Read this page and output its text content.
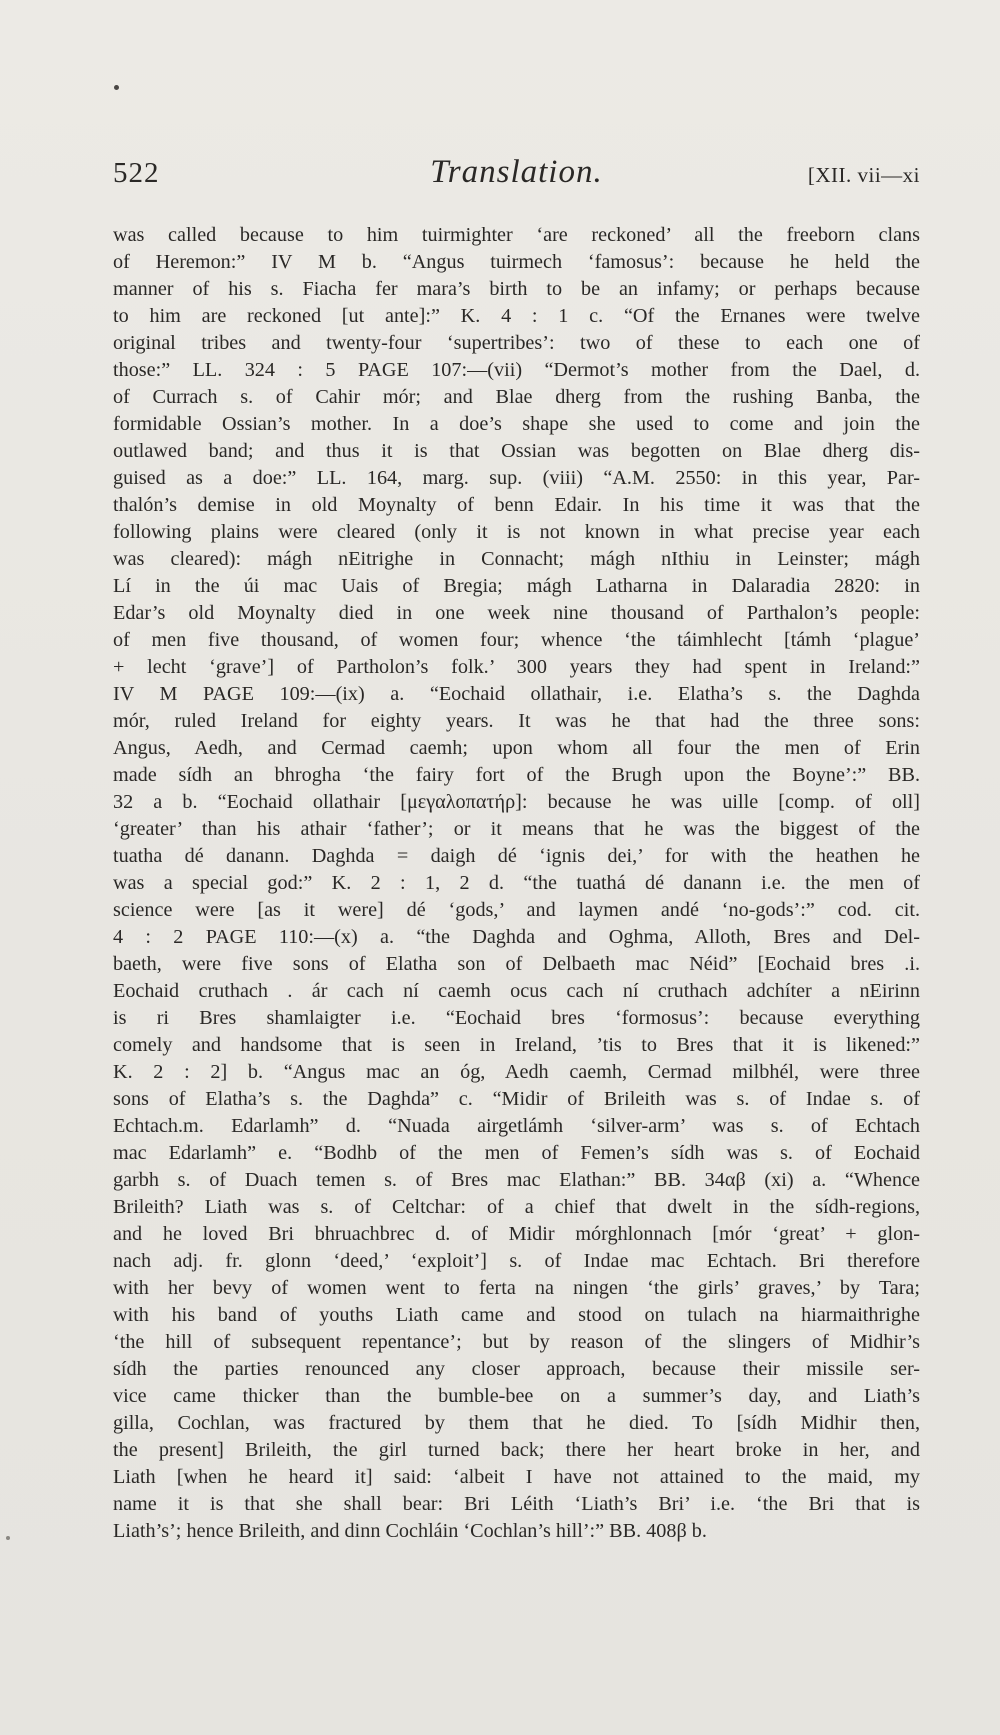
522	Translation.	[XII. vii—xi
was called because to him tuirmighter ‘are reckoned’ all the freeborn clans
of Heremon:” IV M b. “Angus tuirmech ‘famosus’: because he held the
manner of his s. Fiacha fer mara’s birth to be an infamy; or perhaps because
to him are reckoned [ut ante]:” K. 4 : 1 c. “Of the Ernanes were twelve
original tribes and twenty-four ‘supertribes’: two of these to each one of
those:” LL. 324 : 5 PAGE 107:—(vii) “Dermot’s mother from the Dael, d.
of Currach s. of Cahir mór; and Blae dherg from the rushing Banba, the
formidable Ossian’s mother. In a doe’s shape she used to come and join the
outlawed band; and thus it is that Ossian was begotten on Blae dherg dis-
guised as a doe:” LL. 164, marg. sup. (viii) “A.M. 2550: in this year, Par-
thalón’s demise in old Moynalty of benn Edair. In his time it was that the
following plains were cleared (only it is not known in what precise year each
was cleared): mágh nEitrighe in Connacht; mágh nIthiu in Leinster; mágh
Lí in the úi mac Uais of Bregia; mágh Latharna in Dalaradia 2820: in
Edar’s old Moynalty died in one week nine thousand of Parthalon’s people:
of men five thousand, of women four; whence ‘the táimhlecht [támh ‘plague’
+ lecht ‘grave’] of Partholon’s folk.’ 300 years they had spent in Ireland:”
IV M PAGE 109:—(ix) a. “Eochaid ollathair, i.e. Elatha’s s. the Daghda
mór, ruled Ireland for eighty years. It was he that had the three sons:
Angus, Aedh, and Cermad caemh; upon whom all four the men of Erin
made sídh an bhrogha ‘the fairy fort of the Brugh upon the Boyne’:” BB.
32 a b. “Eochaid ollathair [μεγαλοπατήρ]: because he was uille [comp. of oll]
‘greater’ than his athair ‘father’; or it means that he was the biggest of the
tuatha dé danann. Daghda = daigh dé ‘ignis dei,’ for with the heathen he
was a special god:” K. 2 : 1, 2 d. “the tuathá dé danann i.e. the men of
science were [as it were] dé ‘gods,’ and laymen andé ‘no-gods’:” cod. cit.
4 : 2 PAGE 110:—(x) a. “the Daghda and Oghma, Alloth, Bres and Del-
baeth, were five sons of Elatha son of Delbaeth mac Néid” [Eochaid bres .i.
Eochaid cruthach . ár cach ní caemh ocus cach ní cruthach adchíter a nEirinn
is ri Bres shamlaigter i.e. “Eochaid bres ‘formosus’: because everything
comely and handsome that is seen in Ireland, ’tis to Bres that it is likened:”
K. 2 : 2] b. “Angus mac an óg, Aedh caemh, Cermad milbhél, were three
sons of Elatha’s s. the Daghda” c. “Midir of Brileith was s. of Indae s. of
Echtach.m. Edarlamh” d. “Nuada airgetlámh ‘silver-arm’ was s. of Echtach
mac Edarlamh” e. “Bodhb of the men of Femen’s sídh was s. of Eochaid
garbh s. of Duach temen s. of Bres mac Elathan:” BB. 34αβ (xi) a. “Whence
Brileith? Liath was s. of Celtchar: of a chief that dwelt in the sídh-regions,
and he loved Bri bhruachbrec d. of Midir mórghlonnach [mór ‘great’ + glon-
nach adj. fr. glonn ‘deed,’ ‘exploit’] s. of Indae mac Echtach. Bri therefore
with her bevy of women went to ferta na ningen ‘the girls’ graves,’ by Tara;
with his band of youths Liath came and stood on tulach na hiarmaithrighe
‘the hill of subsequent repentance’; but by reason of the slingers of Midhir’s
sídh the parties renounced any closer approach, because their missile ser-
vice came thicker than the bumble-bee on a summer’s day, and Liath’s
gilla, Cochlan, was fractured by them that he died. To [sídh Midhir then,
the present] Brileith, the girl turned back; there her heart broke in her, and
Liath [when he heard it] said: ‘albeit I have not attained to the maid, my
name it is that she shall bear: Bri Léith ‘Liath’s Bri’ i.e. ‘the Bri that is
Liath’s’; hence Brileith, and dinn Cochláin ‘Cochlan’s hill’:” BB. 408β b.
